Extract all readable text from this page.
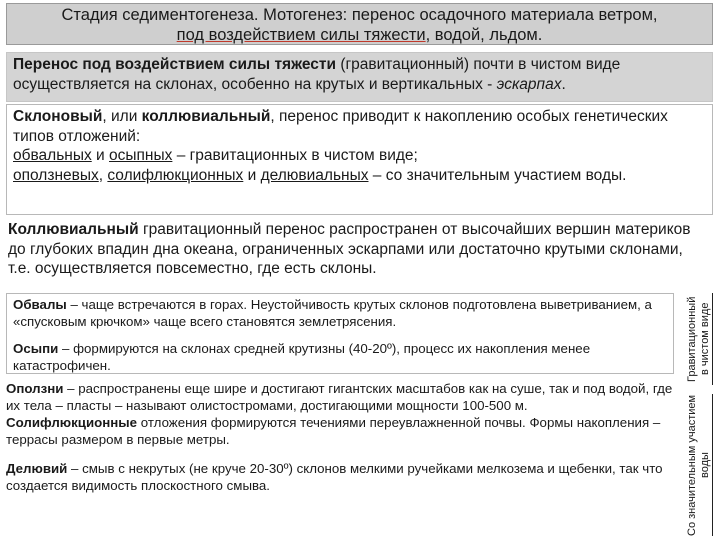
Стадия седиментогенеза. Мотогенез: перенос осадочного материала ветром,
под воздействием силы тяжести, водой, льдом.
Перенос под воздействием силы тяжести (гравитационный) почти в чистом виде осуществляется на склонах, особенно на крутых и вертикальных - эскарпах.
Склоновый, или коллювиальный, перенос приводит к накоплению особых генетических типов отложений:
обвальных и осыпных – гравитационных в чистом виде;
оползневых, солифлюкционных и делювиальных – со значительным участием воды.
Коллювиальный гравитационный перенос распространен от высочайших вершин материков до глубоких впадин дна океана, ограниченных эскарпами или достаточно крутыми склонами, т.е. осуществляется повсеместно, где есть склоны.
Обвалы – чаще встречаются в горах. Неустойчивость крутых склонов подготовлена выветриванием, а «спусковым крючком» чаще всего становятся землетрясения.
Осыпи – формируются на склонах средней крутизны (40-20º), процесс их накопления менее катастрофичен.
Оползни – распространены еще шире и достигают гигантских масштабов как на суше, так и под водой, где их тела – пласты – называют олистостромами, достигающими мощности 100-500 м.
Солифлюкционные отложения формируются течениями переувлажненной почвы. Формы накопления – террасы размером в первые метры.
Делювий – смыв с некрутых (не круче 20-30º) склонов мелкими ручейками мелкозема и щебенки, так что создается видимость плоскостного смыва.
Гравитационный в чистом виде
Со значительным участием воды
